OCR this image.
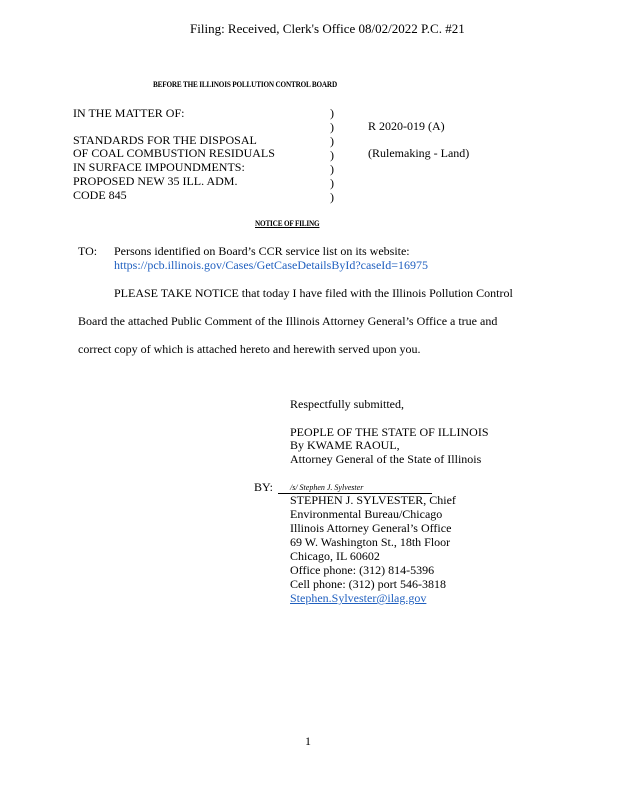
Filing: Received, Clerk's Office 08/02/2022 P.C. #21
BEFORE THE ILLINOIS POLLUTION CONTROL BOARD
IN THE MATTER OF:
STANDARDS FOR THE DISPOSAL
OF COAL COMBUSTION RESIDUALS
IN SURFACE IMPOUNDMENTS:
PROPOSED NEW 35 ILL. ADM.
CODE 845
)
)
)
)
)
)
)
R 2020-019 (A)
(Rulemaking - Land)
NOTICE OF FILING
TO: Persons identified on Board’s CCR service list on its website:
https://pcb.illinois.gov/Cases/GetCaseDetailsById?caseId=16975
PLEASE TAKE NOTICE that today I have filed with the Illinois Pollution Control
Board the attached Public Comment of the Illinois Attorney General’s Office a true and
correct copy of which is attached hereto and herewith served upon you.
Respectfully submitted,
PEOPLE OF THE STATE OF ILLINOIS
By KWAME RAOUL,
Attorney General of the State of Illinois
BY: /s/ Stephen J. Sylvester
STEPHEN J. SYLVESTER, Chief
Environmental Bureau/Chicago
Illinois Attorney General’s Office
69 W. Washington St., 18th Floor
Chicago, IL 60602
Office phone: (312) 814-5396
Cell phone: (312) port 546-3818
Stephen.Sylvester@ilag.gov
1
